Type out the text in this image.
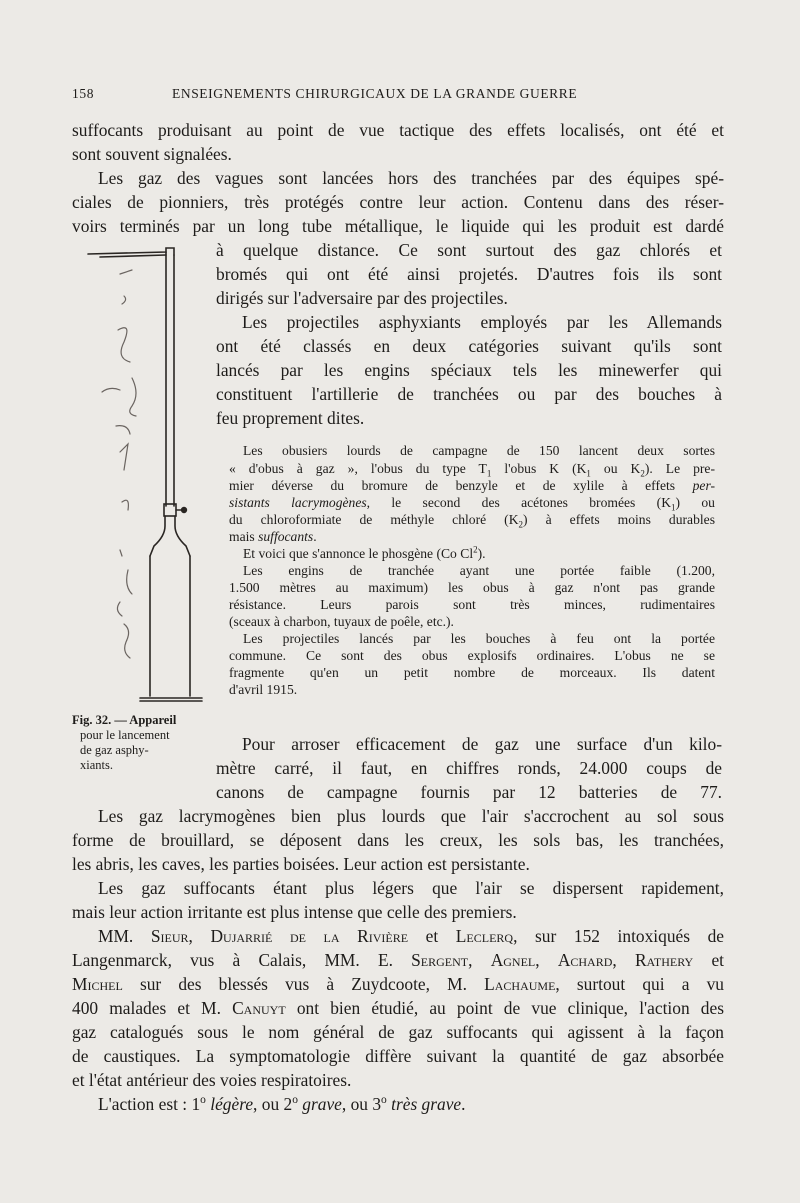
158	ENSEIGNEMENTS CHIRURGICAUX DE LA GRANDE GUERRE
suffocants produisant au point de vue tactique des effets localisés, ont été et
sont souvent signalées.
Les gaz des vagues sont lancées hors des tranchées par des équipes spé-
ciales de pionniers, très protégés contre leur action. Contenu dans des réser-
voirs terminés par un long tube métallique, le liquide qui les produit est dardé
à quelque distance. Ce sont surtout des gaz chlorés et
bromés qui ont été ainsi projetés. D'autres fois ils sont
dirigés sur l'adversaire par des projectiles.
Les projectiles asphyxiants employés par les Allemands
ont été classés en deux catégories suivant qu'ils sont
lancés par les engins spéciaux tels les minewerfer qui
constituent l'artillerie de tranchées ou par des bouches à
feu proprement dites.
Les obusiers lourds de campagne de 150 lancent deux sortes
« d'obus à gaz », l'obus du type $T_1$ l'obus K ($K_1$ ou $K_2$). Le pre-
mier déverse du bromure de benzyle et de xylile à effets per-
sistants lacrymogènes, le second des acétones bromées $(K_1)$ ou
du chloroformiate de méthyle chloré $(K_2)$ à effets moins durables
mais suffocants.
Et voici que s'annonce le phosgène (Co Cl$^2$).
Les engins de tranchée ayant une portée faible (1.200,
1.500 mètres au maximum) les obus à gaz n'ont pas grande
résistance. Leurs parois sont très minces, rudimentaires
(sceaux à charbon, tuyaux de poêle, etc.).
Les projectiles lancés par les bouches à feu ont la portée
commune. Ce sont des obus explosifs ordinaires. L'obus ne se
fragmente qu'en un petit nombre de morceaux. Ils datent
d'avril 1915.
Fig. 32. — Appareil
pour le lancement
de gaz asphy-
xiants.
Pour arroser efficacement de gaz une surface d'un kilo-
mètre carré, il faut, en chiffres ronds, 24.000 coups de
canons de campagne fournis par 12 batteries de 77.
Les gaz lacrymogènes bien plus lourds que l'air s'accrochent au sol sous
forme de brouillard, se déposent dans les creux, les sols bas, les tranchées,
les abris, les caves, les parties boisées. Leur action est persistante.
Les gaz suffocants étant plus légers que l'air se dispersent rapidement,
mais leur action irritante est plus intense que celle des premiers.
MM. Sieur, Dujarrié de la Rivière et Leclerq, sur 152 intoxiqués de
Langenmarck, vus à Calais, MM. E. Sergent, Agnel, Achard, Rathery et
Michel sur des blessés vus à Zuydcoote, M. Lachaume, surtout qui a vu
400 malades et M. Canuyt ont bien étudié, au point de vue clinique, l'action des
gaz catalogués sous le nom général de gaz suffocants qui agissent à la façon
de caustiques. La symptomatologie diffère suivant la quantité de gaz absorbée
et l'état antérieur des voies respiratoires.
L'action est : 1$^o$ légère, ou 2$^o$ grave, ou 3$^o$ très grave.
